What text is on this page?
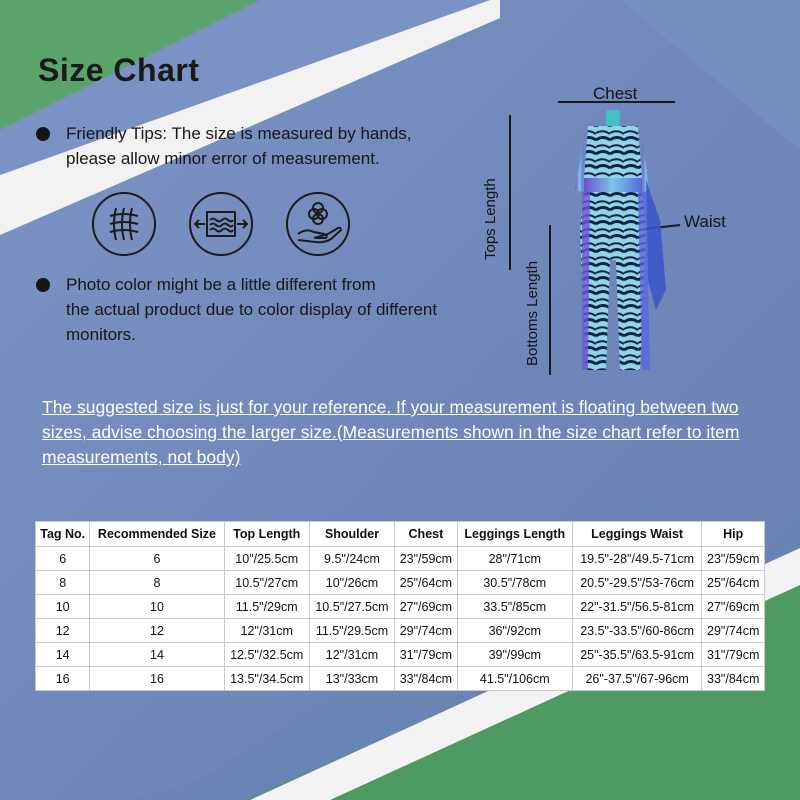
Size Chart
Friendly Tips: The size is measured by hands,
please allow minor error of measurement.
Photo color might be a little different from
the actual product due to color display of different
monitors.
Chest
Waist
Tops Length
Bottoms Length
The suggested size is just for your reference. If your measurement is floating between two sizes, advise choosing the larger size.(Measurements shown in the size chart refer to item measurements, not body)
Tag No.	Recommended Size	Top Length	Shoulder	Chest	Leggings Length	Leggings Waist	Hip
6	6	10"/25.5cm	9.5"/24cm	23"/59cm	28"/71cm	19.5"-28"/49.5-71cm	23"/59cm
8	8	10.5"/27cm	10"/26cm	25"/64cm	30.5"/78cm	20.5"-29.5"/53-76cm	25"/64cm
10	10	11.5"/29cm	10.5"/27.5cm	27"/69cm	33.5"/85cm	22"-31.5"/56.5-81cm	27"/69cm
12	12	12"/31cm	11.5"/29.5cm	29"/74cm	36"/92cm	23.5"-33.5"/60-86cm	29"/74cm
14	14	12.5"/32.5cm	12"/31cm	31"/79cm	39"/99cm	25"-35.5"/63.5-91cm	31"/79cm
16	16	13.5"/34.5cm	13"/33cm	33"/84cm	41.5"/106cm	26"-37.5"/67-96cm	33"/84cm
